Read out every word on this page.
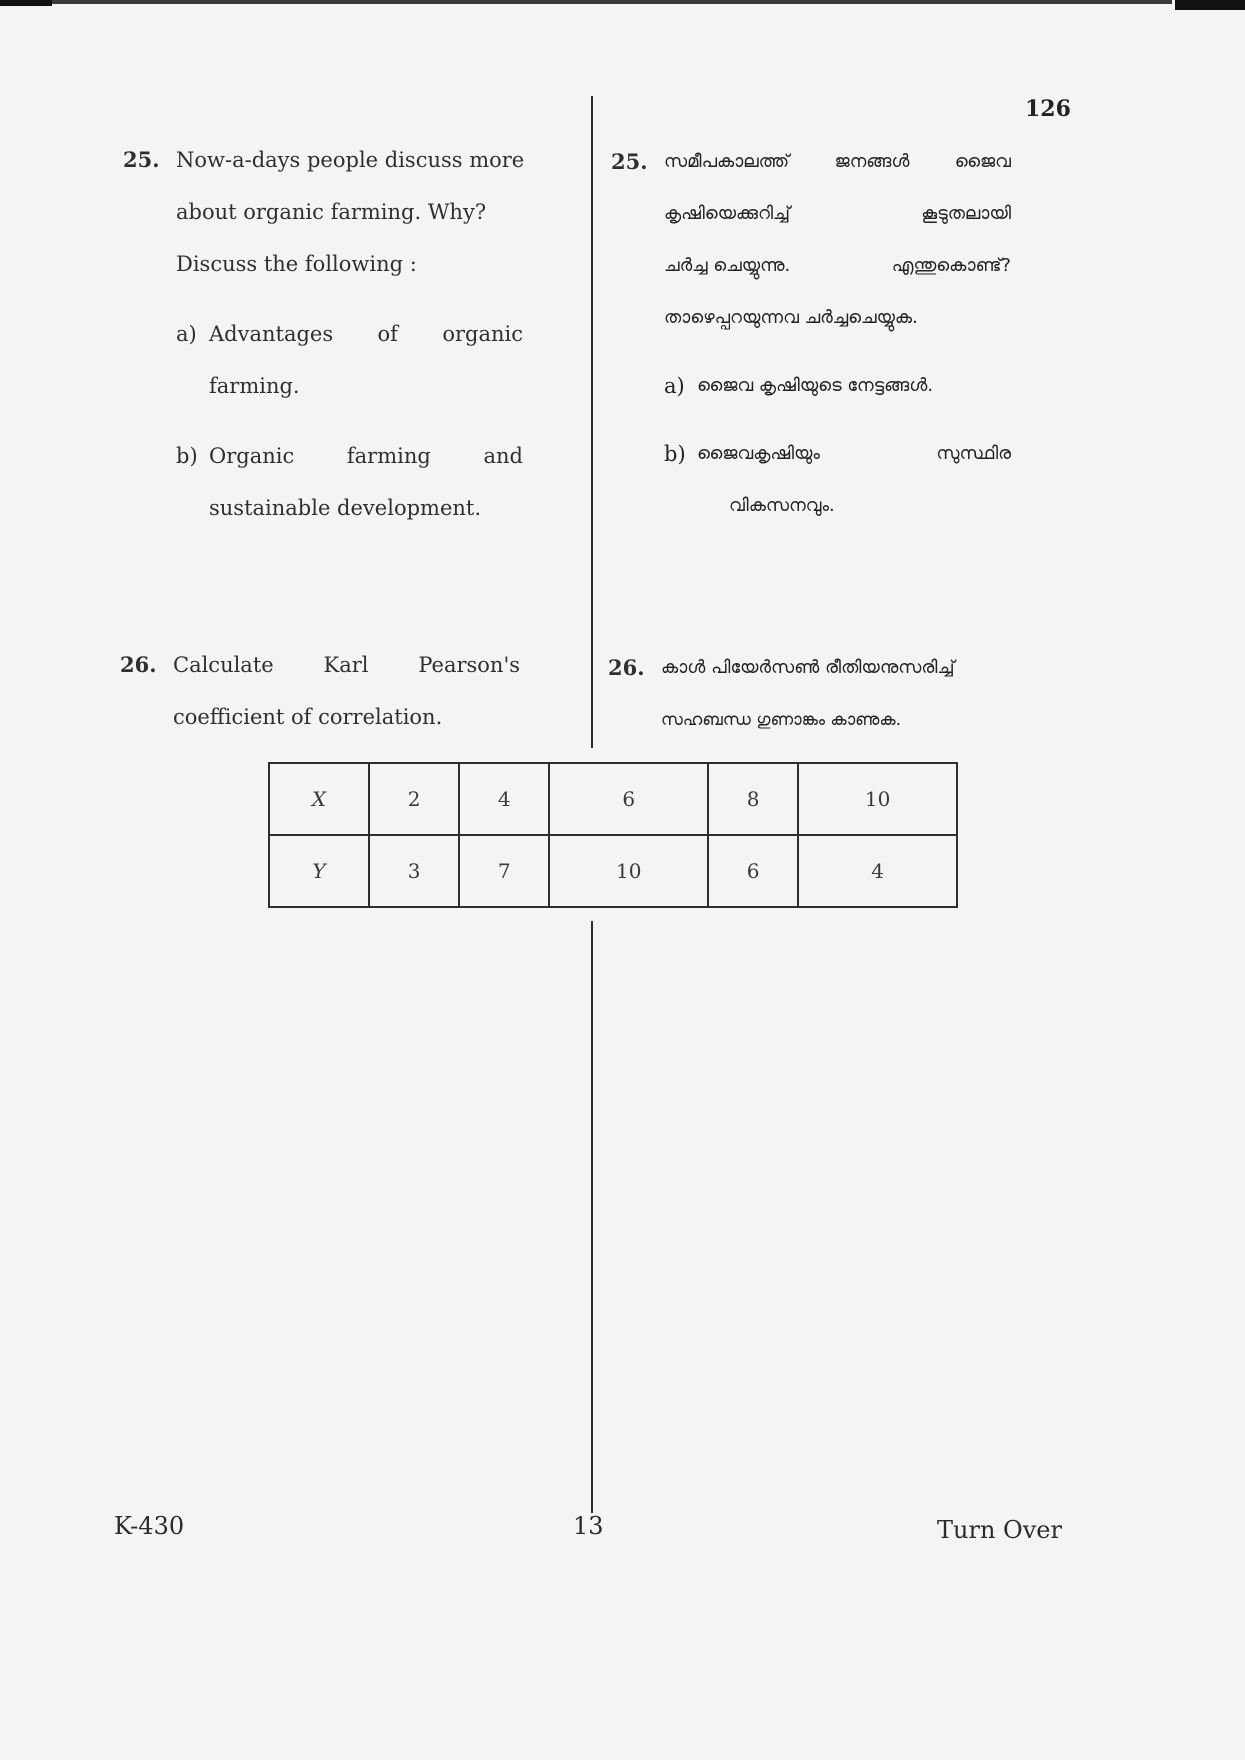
126
25. Now-a-days people discuss more
about organic farming. Why?
Discuss the following :
a) Advantages of organic
farming.
b) Organic	farming	and
sustainable development.
26. Calculate Karl Pearson's
coefficient of correlation.
25. സമീപകാലത്ത്	ജനങ്ങൾ	ജൈവ
കൃഷിയെക്കുറിച്ച്	കൂടുതലായി
ചർച്ച ചെയ്യുന്നു.	എന്തുകൊണ്ട്?
താഴെപ്പറയുന്നവ ചർച്ചചെയ്യുക.
a) ജൈവ കൃഷിയുടെ നേട്ടങ്ങൾ.
b) ജൈവകൃഷിയും	സുസ്ഥിര
വികസനവും.
26. കാൾ പിയേർസൺ രീതിയനുസരിച്ച്
സഹബന്ധ ഗുണാങ്കം കാണുക.
X	2	4	6	8	10
Y	3	7	10	6	4
K-430	13	Turn Over
